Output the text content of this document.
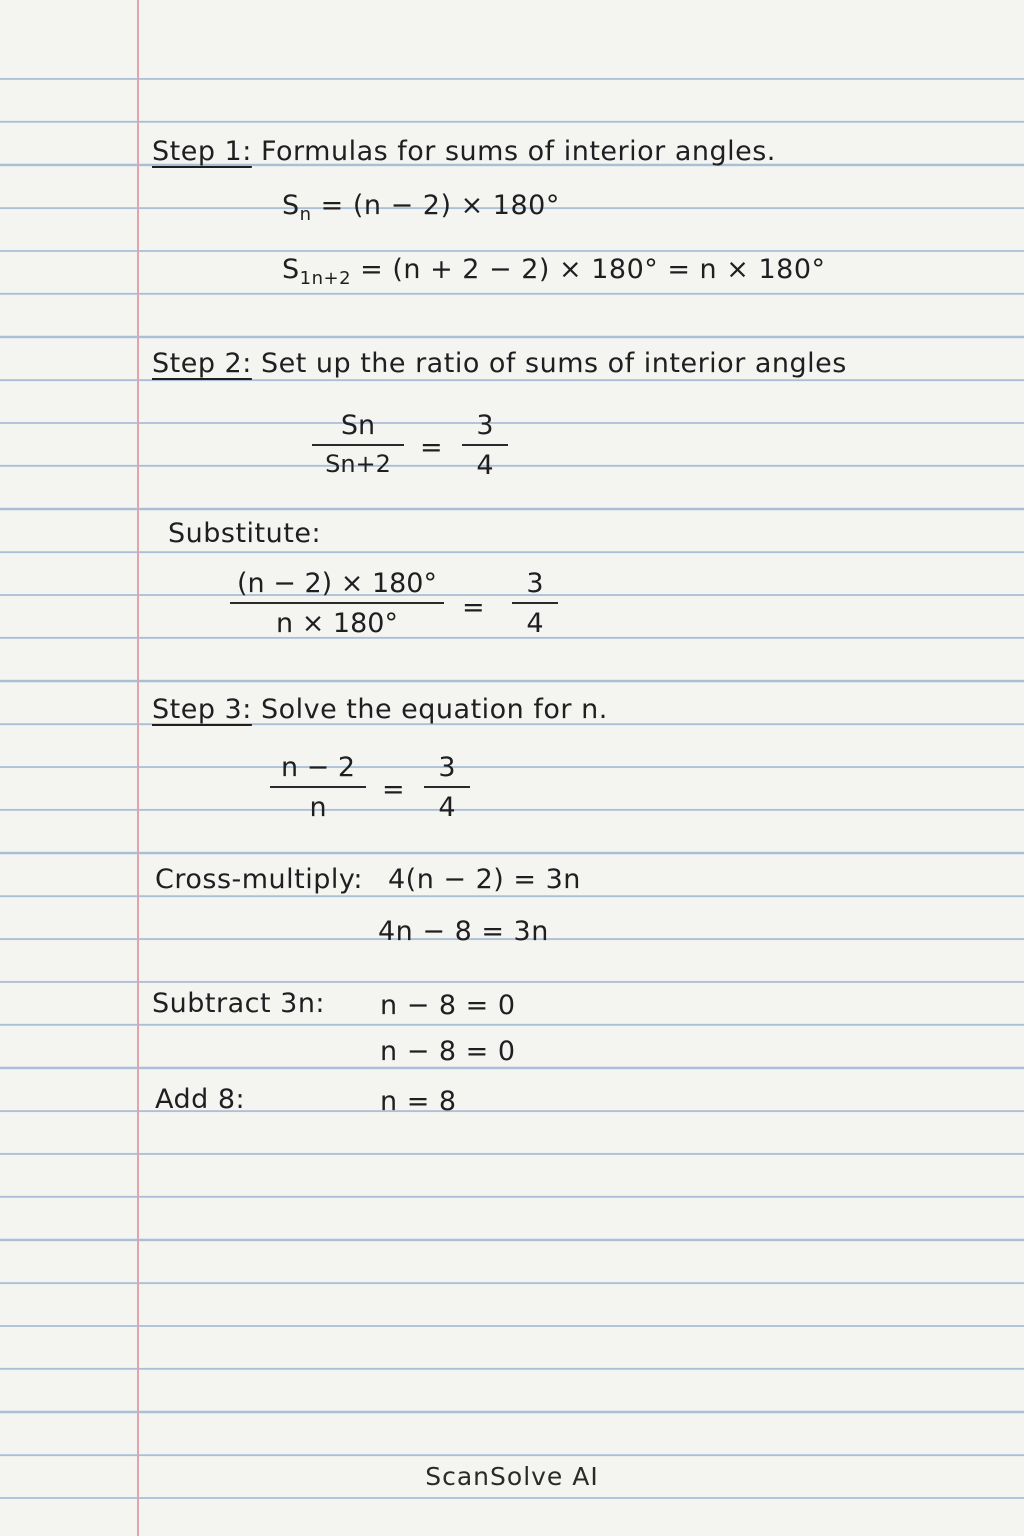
Step 1: Formulas for sums of interior angles.
$S_n = (n - 2) \times 180^\circ$
$S_{1n+2} = (n + 2 - 2) \times 180^\circ = n \times 180^\circ$
Step 2: Set up the ratio of sums of interior angles
Sn
Sn+2
=
3
4
Substitute:
(n − 2) × 180°
n × 180°
=
3
4
Step 3: Solve the equation for n.
n − 2
n
=
3
4
Cross-multiply: 4(n − 2) = 3n
4n − 8 = 3n
Subtract 3n: n − 8 = 0
n − 8 = 0
Add 8:	n = 8
ScanSolve AI
